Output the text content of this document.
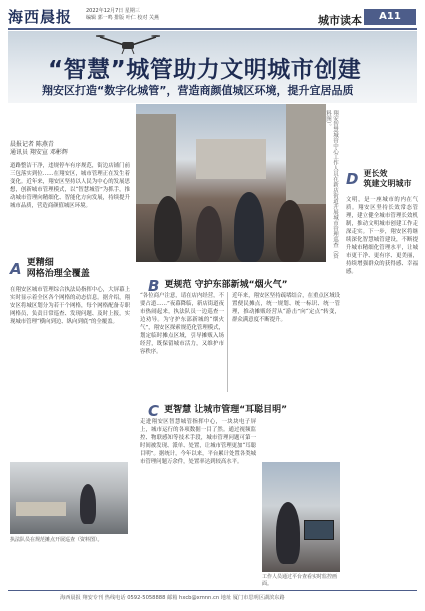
海西晨报	2022年12月7日 星期三
编辑 郭一鸣 排版 叶仁 校对 关燕	城市读本	A11
“智慧”城管助力文明城市创建
翔安区打造“数字化城管”，营造商颜值城区环境，提升宜居品质
翔安智慧城管中心工作人员在新店街道开展城市管理巡查（资料图）。
晨报记者 陈燕青
通讯员 翔安宣 邓彬辉
道路整洁干净，违规停车有序规范，街边店铺门前三包落实到位……在翔安区，城市管理正在发生着变化。近年来，翔安区坚持以人民为中心的发展思想，创新城市管理模式，以“智慧城管”为抓手，推动城市管理向精细化、智能化方向发展，持续提升城市品质，营造商颜值城区环境。
A 更精细
网格治理全覆盖
在翔安区城市管理综合执法局指挥中心，大屏幕上实时显示着全区各个网格的动态信息。据介绍，翔安区将城区划分为若干个网格，每个网格配备专职网格员，负责日常巡查、发现问题、及时上报，实现城市管理“横向到边、纵向到底”的全覆盖。
B 更规范 守护东部新城“烟火气”
“各位商户注意，请在店内经营，不要占道……”夜幕降临，新店街道夜市热闹起来，执法队员一边巡查一边劝导。为守护东部新城的“烟火气”，翔安区探索规范化管理模式，划定临时摊点区域，引导摊贩入场经营，既保留城市活力，又维护市容秩序。
近年来，翔安区坚持疏堵结合，在重点区域设置便民摊点，统一规划、统一标识、统一管理，推动摊贩经营从“游击”向“定点”转变，群众满意度不断提升。
C 更智慧 让城市管理“耳聪目明”
走进翔安区智慧城管指挥中心，一块块电子屏上，城市运行的各项数据一目了然。通过视频监控、物联感知等技术手段，城市管理问题可第一时间被发现、派单、处置，让城市管理更加“耳聪目明”。据统计，今年以来，平台累计处置各类城市管理问题万余件，处置率达到较高水平。
D 更长效
筑建文明城市
文明，是一座城市的内在气质。翔安区坚持长效常态管理，建立健全城市管理长效机制，推动文明城市创建工作走深走实。下一步，翔安区将继续深化智慧城管建设，不断提升城市精细化管理水平，让城市更干净、更有序、更美丽，持续增强群众的获得感、幸福感。
执法队员在规范摊点开展巡查（资料图）。
工作人员通过平台查看实时监控画面。
海西晨报 翔安专刊 热线电话 0592-5058888 邮箱 hxcb@xmnn.cn 地址 厦门市思明区湖滨东路
